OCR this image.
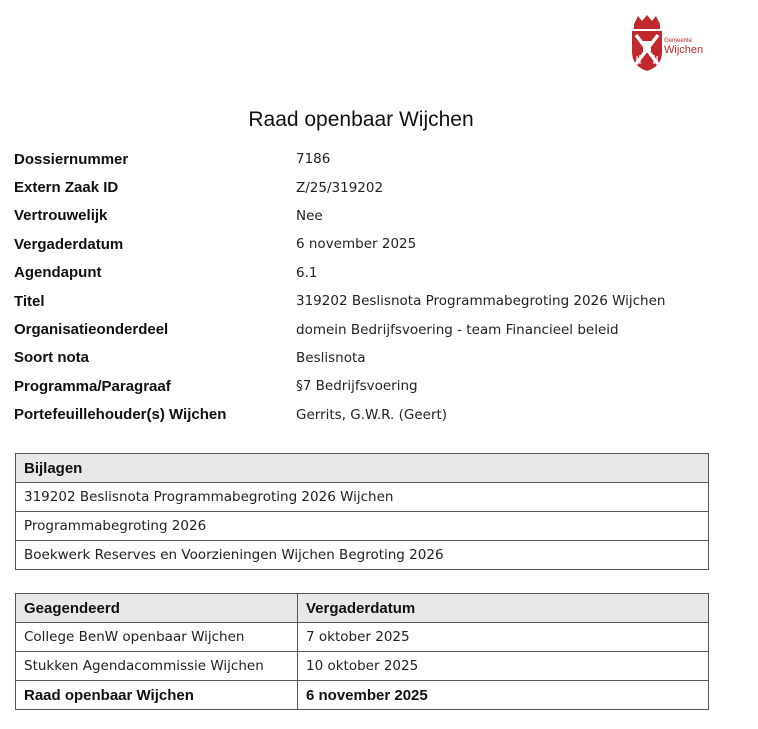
Gemeente
Wijchen
Raad openbaar Wijchen
Dossiernummer	7186
Extern Zaak ID	Z/25/319202
Vertrouwelijk	Nee
Vergaderdatum	6 november 2025
Agendapunt	6.1
Titel	319202 Beslisnota Programmabegroting 2026 Wijchen
Organisatieonderdeel	domein Bedrijfsvoering - team Financieel beleid
Soort nota	Beslisnota
Programma/Paragraaf	§7 Bedrijfsvoering
Portefeuillehouder(s) Wijchen	Gerrits, G.W.R. (Geert)
Bijlagen
319202 Beslisnota Programmabegroting 2026 Wijchen
Programmabegroting 2026
Boekwerk Reserves en Voorzieningen Wijchen Begroting 2026
Geagendeerd	Vergaderdatum
College BenW openbaar Wijchen	7 oktober 2025
Stukken Agendacommissie Wijchen	10 oktober 2025
Raad openbaar Wijchen	6 november 2025
